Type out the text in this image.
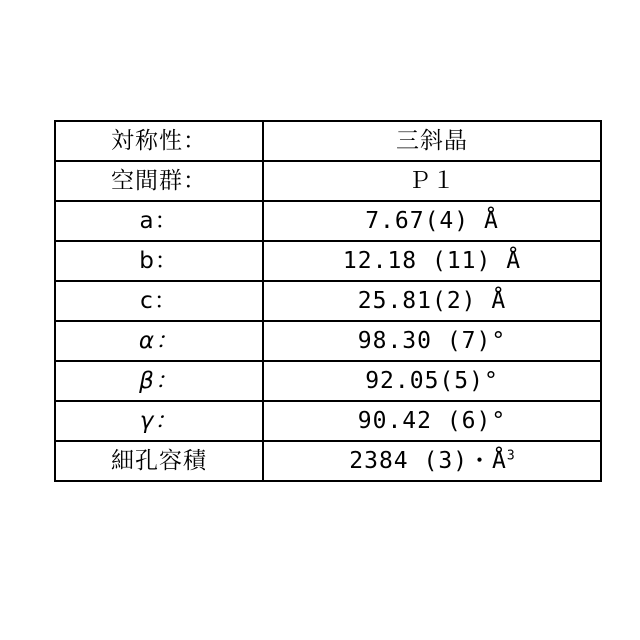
対称性：	三斜晶
空間群：	Ｐ１
a：	7.67(4) Å
b：	12.18 (11) Å
c：	25.81(2) Å
α：	98.30 (7)°
β：	92.05(5)°
γ：	90.42 (6)°
細孔容積	2384 (3)・$Å^3$
